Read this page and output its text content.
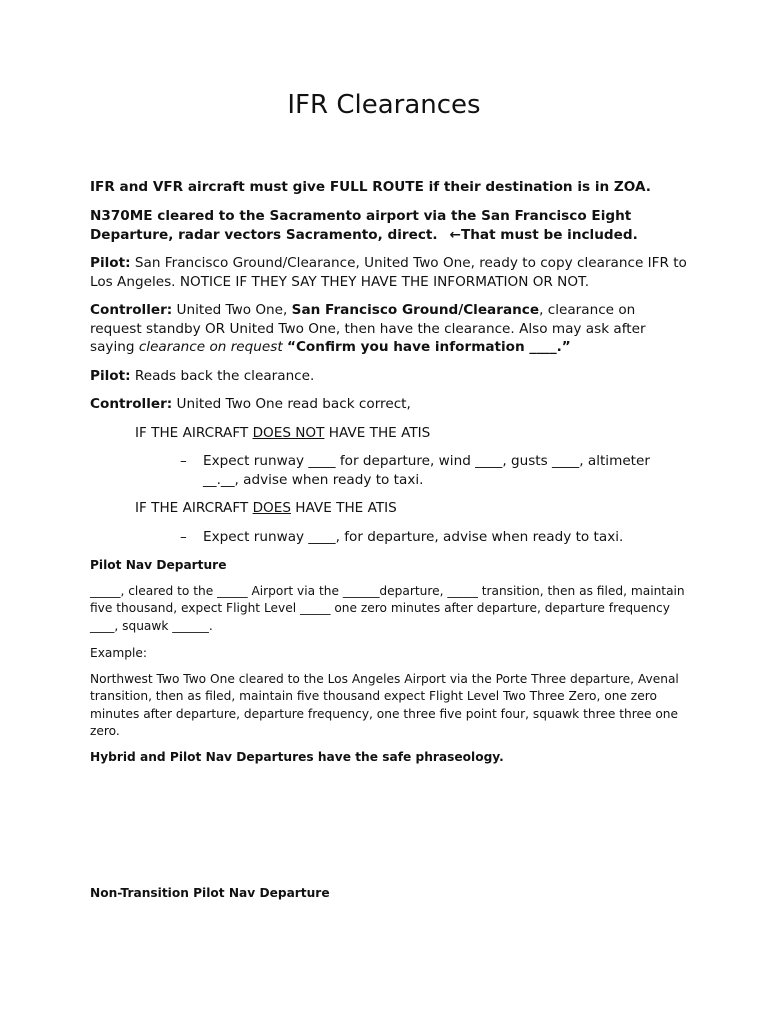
IFR Clearances

IFR and VFR aircraft must give FULL ROUTE if their destination is in ZOA.

N370ME cleared to the Sacramento airport via the San Francisco Eight Departure, radar vectors Sacramento, direct. ←That must be included.

Pilot: San Francisco Ground/Clearance, United Two One, ready to copy clearance IFR to Los Angeles. NOTICE IF THEY SAY THEY HAVE THE INFORMATION OR NOT.

Controller: United Two One, San Francisco Ground/Clearance, clearance on request standby OR United Two One, then have the clearance. Also may ask after saying clearance on request “Confirm you have information ____.”

Pilot: Reads back the clearance.

Controller: United Two One read back correct,

IF THE AIRCRAFT DOES NOT HAVE THE ATIS

– Expect runway ____ for departure, wind ____, gusts ____, altimeter __.__, advise when ready to taxi.

IF THE AIRCRAFT DOES HAVE THE ATIS

– Expect runway ____, for departure, advise when ready to taxi.

Pilot Nav Departure

_____, cleared to the _____ Airport via the ______departure, _____ transition, then as filed, maintain five thousand, expect Flight Level _____ one zero minutes after departure, departure frequency ____, squawk ______.

Example:

Northwest Two Two One cleared to the Los Angeles Airport via the Porte Three departure, Avenal transition, then as filed, maintain five thousand expect Flight Level Two Three Zero, one zero minutes after departure, departure frequency, one three five point four, squawk three three one zero.

Hybrid and Pilot Nav Departures have the safe phraseology.

Non-Transition Pilot Nav Departure
